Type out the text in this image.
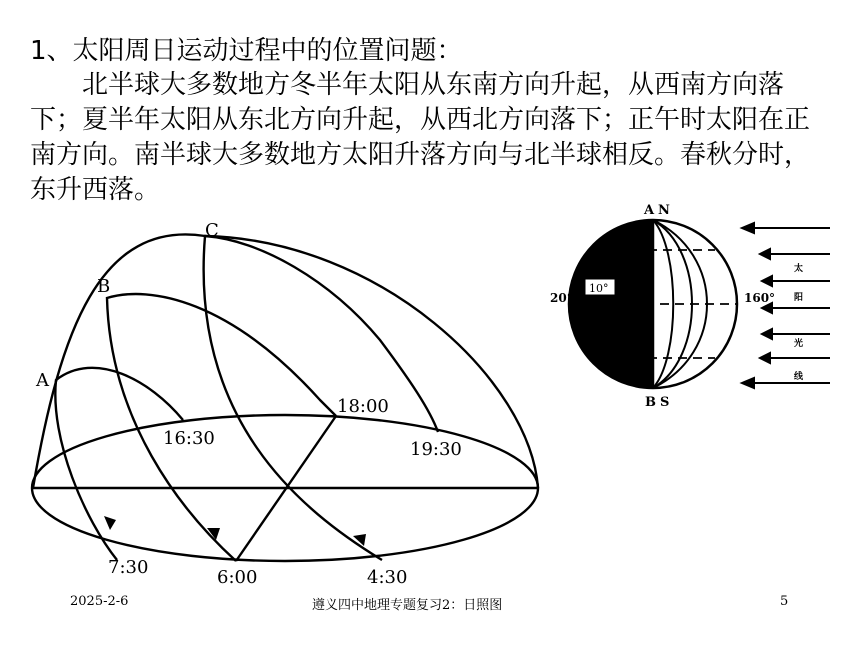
1、太阳周日运动过程中的位置问题：

北半球大多数地方冬半年太阳从东南方向升起，从西南方向落下；夏半年太阳从东北方向升起，从西北方向落下；正午时太阳在正南方向。南半球大多数地方太阳升落方向与北半球相反。春秋分时，东升西落。

A
B
C
7:30	6:00	4:30
16:30
18:00
19:30
10°
A N
B S
20°	160°
太
阳
光
线
2025-2-6	遵义四中地理专题复习2：日照图	5
